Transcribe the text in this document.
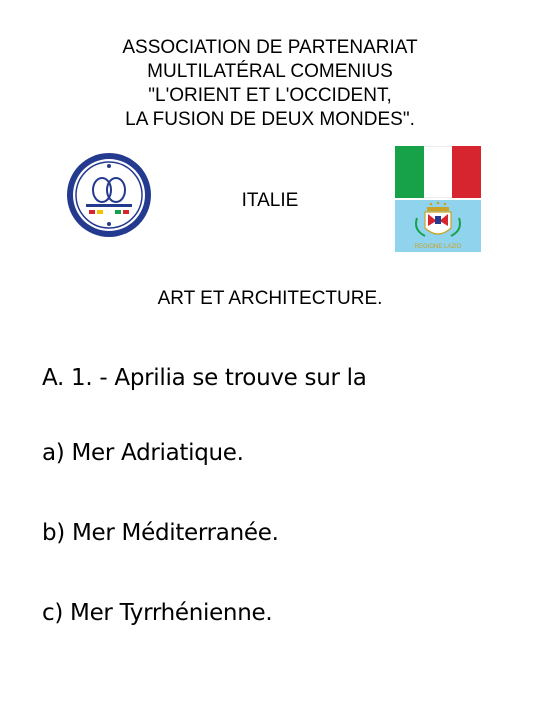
ASSOCIATION DE PARTENARIAT
MULTILATÉRAL COMENIUS
"L'ORIENT ET L'OCCIDENT,
LA FUSION DE DEUX MONDES".
ITALIE
REGIONE LAZIO
ART ET ARCHITECTURE.
A. 1. - Aprilia se trouve sur la
a) Mer Adriatique.
b) Mer Méditerranée.
c) Mer Tyrrhénienne.
